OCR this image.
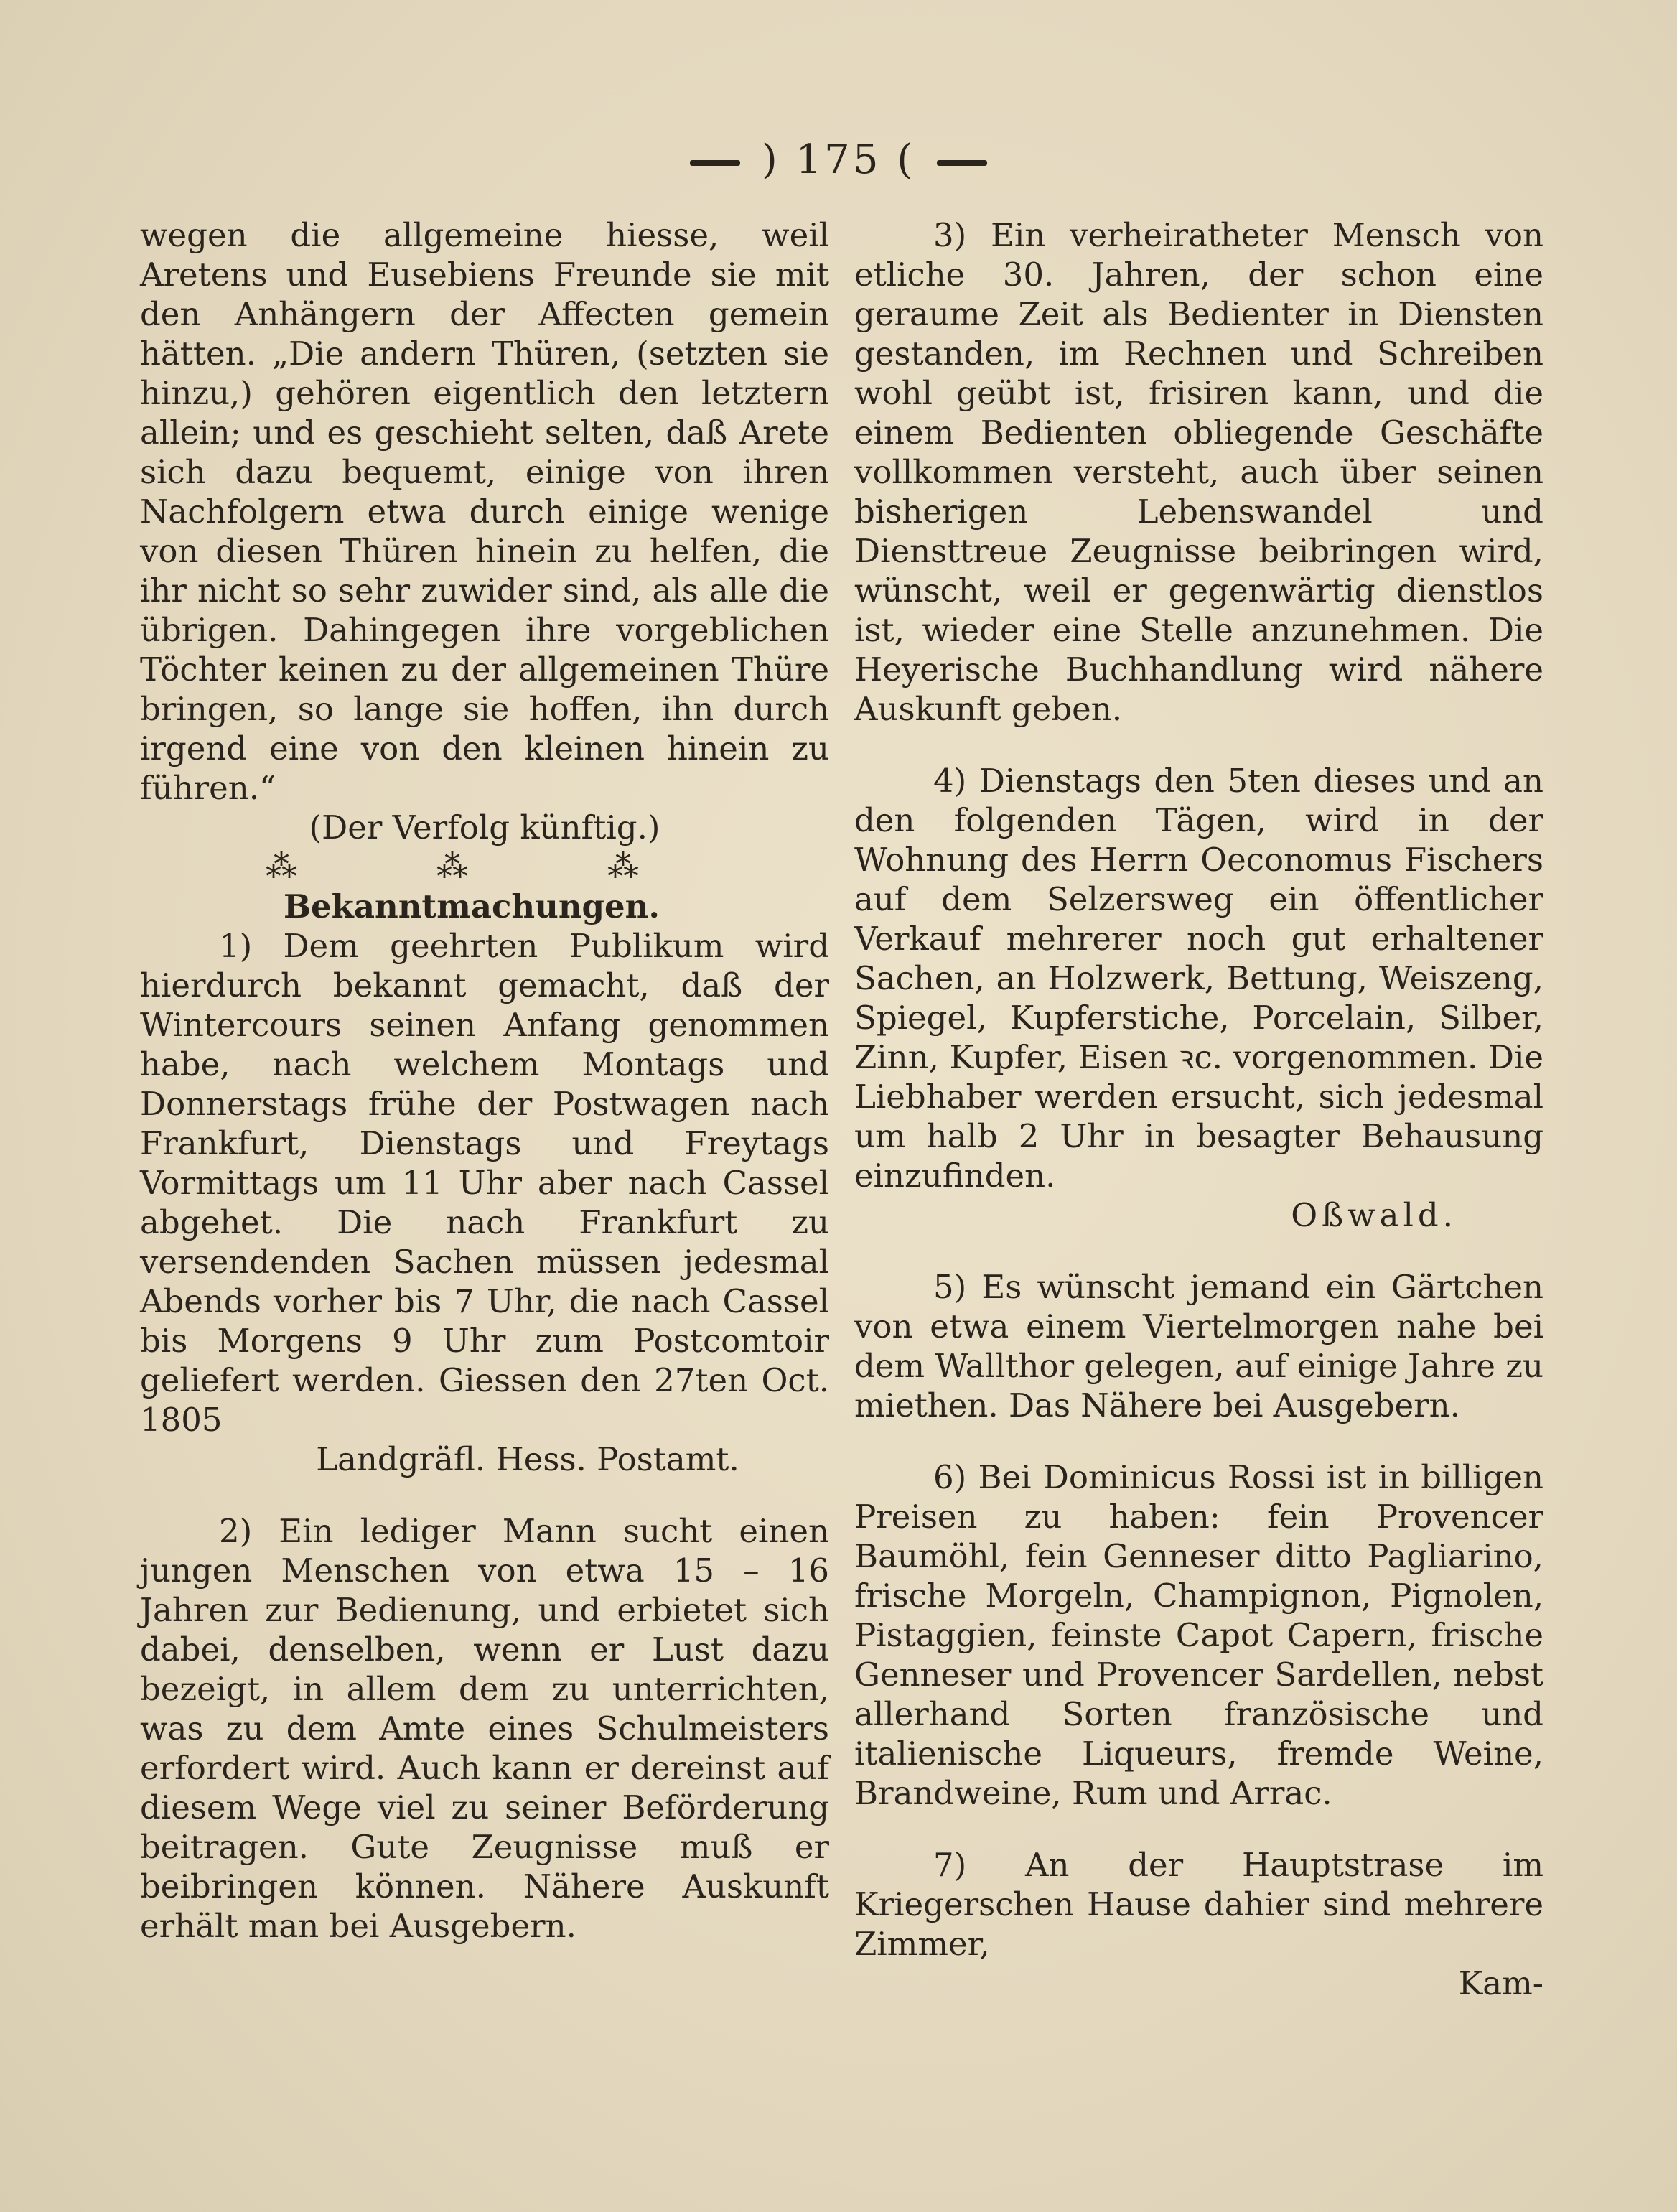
) 175 (

wegen die allgemeine hiesse, weil Aretens und Eusebiens Freunde sie mit den Anhängern der Affecten gemein hätten. „Die andern Thüren, (setzten sie hinzu,) gehören eigentlich den letztern allein; und es geschieht selten, daß Arete sich dazu bequemt, einige von ihren Nachfolgern etwa durch einige wenige von diesen Thüren hinein zu helfen, die ihr nicht so sehr zuwider sind, als alle die übrigen. Dahingegen ihre vorgeblichen Töchter keinen zu der allgemeinen Thüre bringen, so lange sie hoffen, ihn durch irgend eine von den kleinen hinein zu führen.“

(Der Verfolg künftig.)

⁂ ⁂ ⁂

Bekanntmachungen.

1) Dem geehrten Publikum wird hierdurch bekannt gemacht, daß der Wintercours seinen Anfang genommen habe, nach welchem Montags und Donnerstags frühe der Postwagen nach Frankfurt, Dienstags und Freytags Vormittags um 11 Uhr aber nach Cassel abgehet. Die nach Frankfurt zu versendenden Sachen müssen jedesmal Abends vorher bis 7 Uhr, die nach Cassel bis Morgens 9 Uhr zum Postcomtoir geliefert werden. Giessen den 27ten Oct. 1805

Landgräfl. Hess. Postamt.

2) Ein lediger Mann sucht einen jungen Menschen von etwa 15 – 16 Jahren zur Bedienung, und erbietet sich dabei, denselben, wenn er Lust dazu bezeigt, in allem dem zu unterrichten, was zu dem Amte eines Schulmeisters erfordert wird. Auch kann er dereinst auf diesem Wege viel zu seiner Beförderung beitragen. Gute Zeugnisse muß er beibringen können. Nähere Auskunft erhält man bei Ausgebern.

3) Ein verheiratheter Mensch von etliche 30. Jahren, der schon eine geraume Zeit als Bedienter in Diensten gestanden, im Rechnen und Schreiben wohl geübt ist, frisiren kann, und die einem Bedienten obliegende Geschäfte vollkommen versteht, auch über seinen bisherigen Lebenswandel und Diensttreue Zeugnisse beibringen wird, wünscht, weil er gegenwärtig dienstlos ist, wieder eine Stelle anzunehmen. Die Heyerische Buchhandlung wird nähere Auskunft geben.

4) Dienstags den 5ten dieses und an den folgenden Tägen, wird in der Wohnung des Herrn Oeconomus Fischers auf dem Selzersweg ein öffentlicher Verkauf mehrerer noch gut erhaltener Sachen, an Holzwerk, Bettung, Weiszeng, Spiegel, Kupferstiche, Porcelain, Silber, Zinn, Kupfer, Eisen ꝛc. vorgenommen. Die Liebhaber werden ersucht, sich jedesmal um halb 2 Uhr in besagter Behausung einzufinden.

Oßwald.

5) Es wünscht jemand ein Gärtchen von etwa einem Viertelmorgen nahe bei dem Wallthor gelegen, auf einige Jahre zu miethen. Das Nähere bei Ausgebern.

6) Bei Dominicus Rossi ist in billigen Preisen zu haben: fein Provencer Baumöhl, fein Genneser ditto Pagliarino, frische Morgeln, Champignon, Pignolen, Pistaggien, feinste Capot Capern, frische Genneser und Provencer Sardellen, nebst allerhand Sorten französische und italienische Liqueurs, fremde Weine, Brandweine, Rum und Arrac.

7) An der Hauptstrase im Kriegerschen Hause dahier sind mehrere Zimmer,

Kam-
